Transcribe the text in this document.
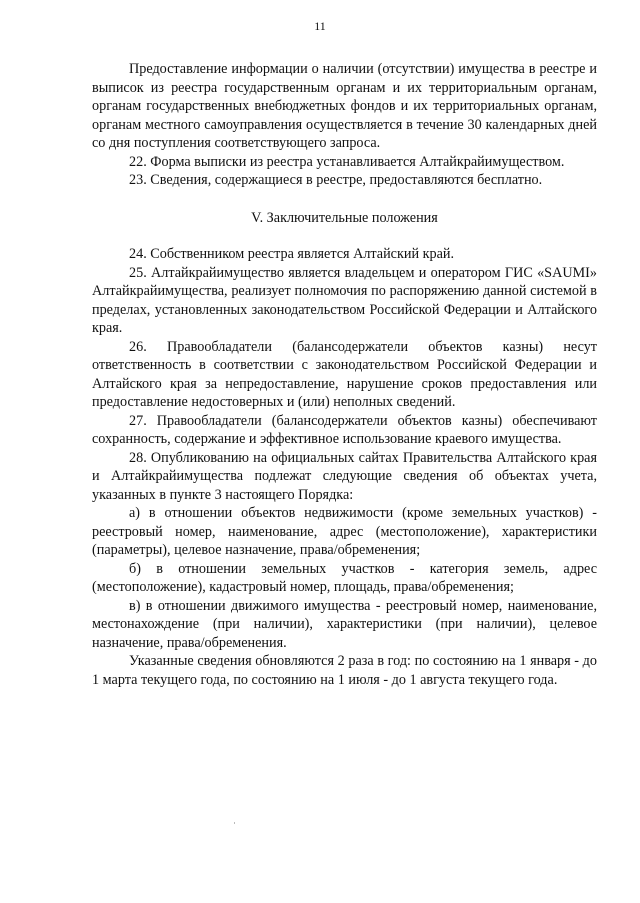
11

Предоставление информации о наличии (отсутствии) имущества в реестре и выписок из реестра государственным органам и их территориальным органам, органам государственных внебюджетных фондов и их территориальных органам, органам местного самоуправления осуществляется в течение 30 календарных дней со дня поступления соответствующего запроса.

22. Форма выписки из реестра устанавливается Алтайкрайимуществом.

23. Сведения, содержащиеся в реестре, предоставляются бесплатно.

V. Заключительные положения

24. Собственником реестра является Алтайский край.

25. Алтайкрайимущество является владельцем и оператором ГИС «SAUMI» Алтайкрайимущества, реализует полномочия по распоряжению данной системой в пределах, установленных законодательством Российской Федерации и Алтайского края.

26. Правообладатели (балансодержатели объектов казны) несут ответственность в соответствии с законодательством Российской Федерации и Алтайского края за непредоставление, нарушение сроков предоставления или предоставление недостоверных и (или) неполных сведений.

27. Правообладатели (балансодержатели объектов казны) обеспечивают сохранность, содержание и эффективное использование краевого имущества.

28. Опубликованию на официальных сайтах Правительства Алтайского края и Алтайкрайимущества подлежат следующие сведения об объектах учета, указанных в пункте 3 настоящего Порядка:

а) в отношении объектов недвижимости (кроме земельных участков) - реестровый номер, наименование, адрес (местоположение), характеристики (параметры), целевое назначение, права/обременения;

б) в отношении земельных участков - категория земель, адрес (местоположение), кадастровый номер, площадь, права/обременения;

в) в отношении движимого имущества - реестровый номер, наименование, местонахождение (при наличии), характеристики (при наличии), целевое назначение, права/обременения.

Указанные сведения обновляются 2 раза в год: по состоянию на 1 января - до 1 марта текущего года, по состоянию на 1 июля - до 1 августа текущего года.
